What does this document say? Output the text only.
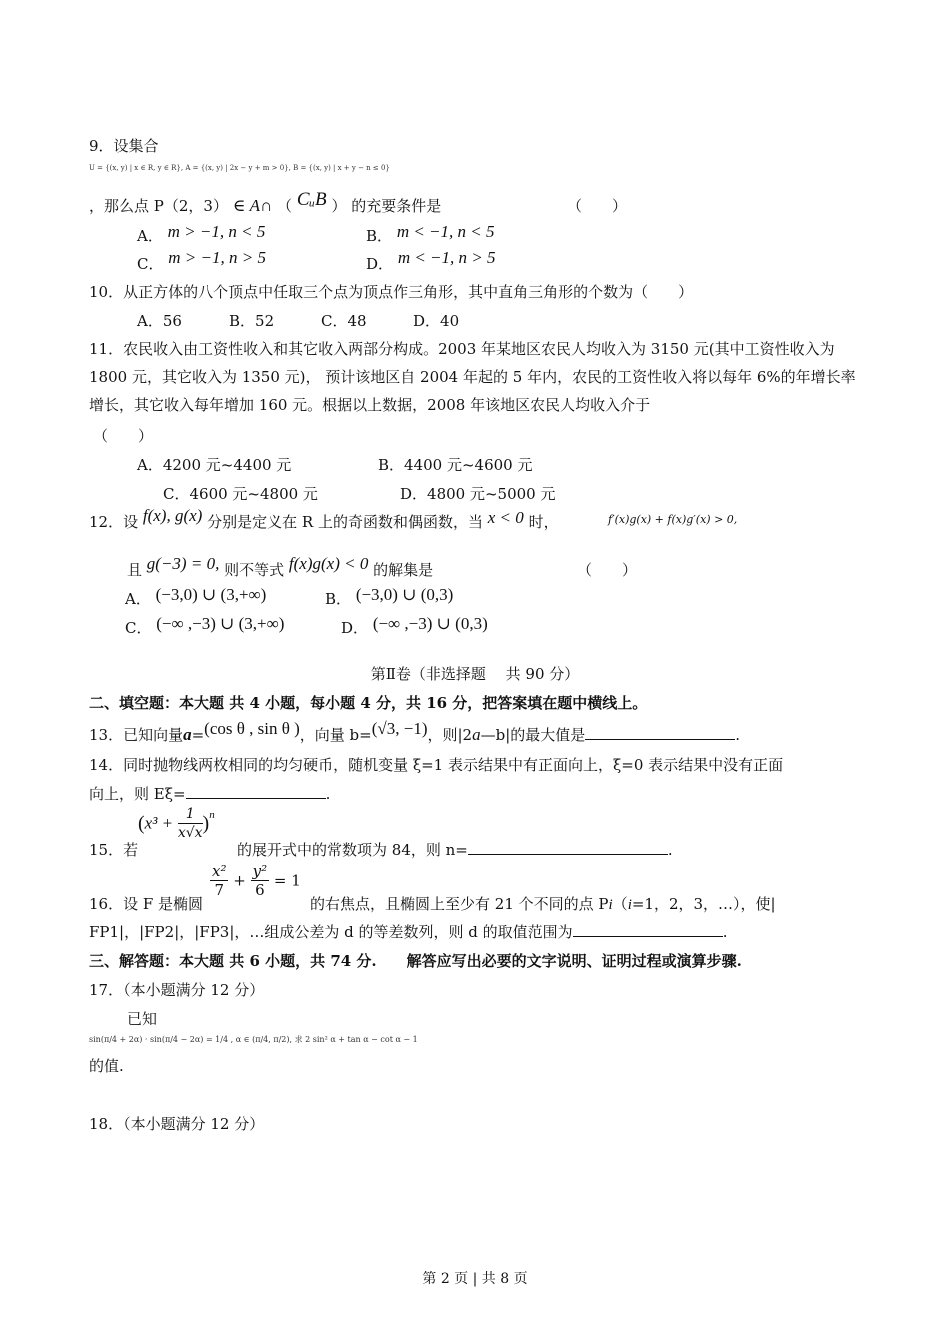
9．设集合
U = {(x, y) | x ∈ R, y ∈ R}, A = {(x, y) | 2x − y + m > 0}, B = {(x, y) | x + y − n ≤ 0}
，那么点 P（2，3） ∈ A∩ （ CᵤB ） 的充要条件是	（　　）
A． m > −1, n < 5	B． m < −1, n < 5
C． m > −1, n > 5	D． m < −1, n > 5
10．从正方体的八个顶点中任取三个点为顶点作三角形，其中直角三角形的个数为（　　）
A．56	B．52	C．48	D．40
11．农民收入由工资性收入和其它收入两部分构成。2003 年某地区农民人均收入为 3150 元(其中工资性收入为 1800 元，其它收入为 1350 元)， 预计该地区自 2004 年起的 5 年内，农民的工资性收入将以每年 6%的年增长率增长，其它收入每年增加 160 元。根据以上数据，2008 年该地区农民人均收入介于
（　　）
A．4200 元~4400 元	B．4400 元~4600 元
C．4600 元~4800 元	D．4800 元~5000 元
12．设 f(x), g(x) 分别是定义在 R 上的奇函数和偶函数，当 x < 0 时，	f′(x)g(x) + f(x)g′(x) > 0,
且 g(−3) = 0, 则不等式 f(x)g(x) < 0 的解集是	（　　）
A． (−3,0) ∪ (3,+∞)	B． (−3,0) ∪ (0,3)
C． (−∞ ,−3) ∪ (3,+∞)	D． (−∞ ,−3) ∪ (0,3)
第Ⅱ卷（非选择题　 共 90 分）
二、填空题：本大题 共 4 小题，每小题 4 分，共 16 分，把答案填在题中横线上。
13．已知向量a=(cos θ , sin θ )，向量 b=(√3, −1)，则|2a—b|的最大值是	.
14．同时抛物线两枚相同的均匀硬币，随机变量 ξ=1 表示结果中有正面向上，ξ=0 表示结果中没有正面
向上，则 Eξ=	.
15．若
$(x^3 + \frac{1}{x√x} )^n$
的展开式中的常数项为 84，则 n=	.
16．设 F 是椭圆
$\frac{\text{x²}}{7} + \frac{\text{y²}}{6} = 1$
的右焦点，且椭圆上至少有 21 个不同的点 Pi（i=1，2，3，…），使|
FP1|，|FP2|，|FP3|，…组成公差为 d 的等差数列，则 d 的取值范围为	.
三、解答题：本大题 共 6 小题，共 74 分.　　解答应写出必要的文字说明、证明过程或演算步骤.
17．（本小题满分 12 分）
已知
sin(π/4 + 2α) · sin(π/4 − 2α) = 1/4 , α ∈ (π/4, π/2), 求 2 sin² α + tan α − cot α − 1
的值.
18．（本小题满分 12 分）
第 2 页 | 共 8 页
